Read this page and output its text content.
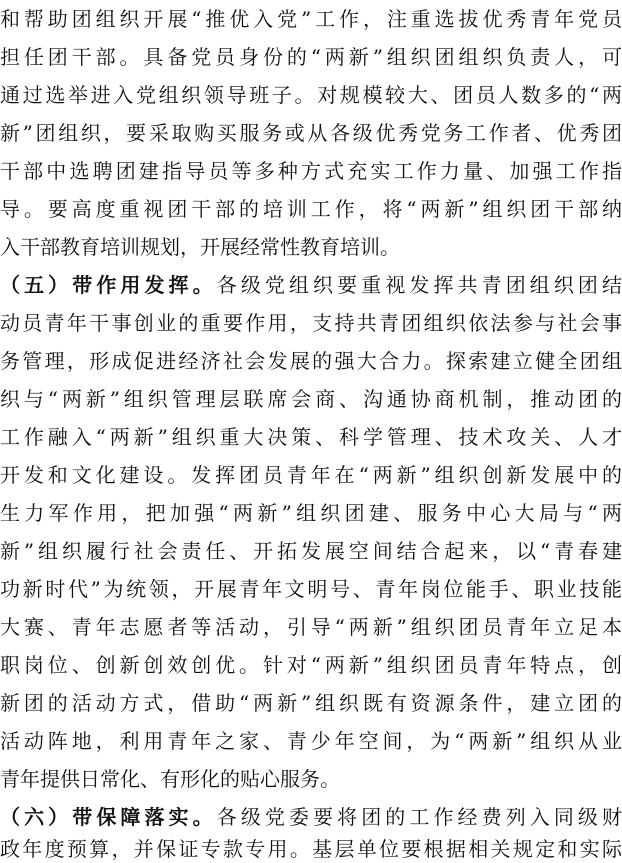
和帮助团组织开展“推优入党”工作，注重选拔优秀青年党员
担任团干部。具备党员身份的“两新”组织团组织负责人，可
通过选举进入党组织领导班子。对规模较大、团员人数多的“两
新”团组织，要采取购买服务或从各级优秀党务工作者、优秀团
干部中选聘团建指导员等多种方式充实工作力量、加强工作指
导。要高度重视团干部的培训工作，将“两新”组织团干部纳
入干部教育培训规划，开展经常性教育培训。
（五）带作用发挥。各级党组织要重视发挥共青团组织团结
动员青年干事创业的重要作用，支持共青团组织依法参与社会事
务管理，形成促进经济社会发展的强大合力。探索建立健全团组
织与“两新”组织管理层联席会商、沟通协商机制，推动团的
工作融入“两新”组织重大决策、科学管理、技术攻关、人才
开发和文化建设。发挥团员青年在“两新”组织创新发展中的
生力军作用，把加强“两新”组织团建、服务中心大局与“两
新”组织履行社会责任、开拓发展空间结合起来，以“青春建
功新时代”为统领，开展青年文明号、青年岗位能手、职业技能
大赛、青年志愿者等活动，引导“两新”组织团员青年立足本
职岗位、创新创效创优。针对“两新”组织团员青年特点，创
新团的活动方式，借助“两新”组织既有资源条件，建立团的
活动阵地，利用青年之家、青少年空间，为“两新”组织从业
青年提供日常化、有形化的贴心服务。
（六）带保障落实。各级党委要将团的工作经费列入同级财
政年度预算，并保证专款专用。基层单位要根据相关规定和实际
